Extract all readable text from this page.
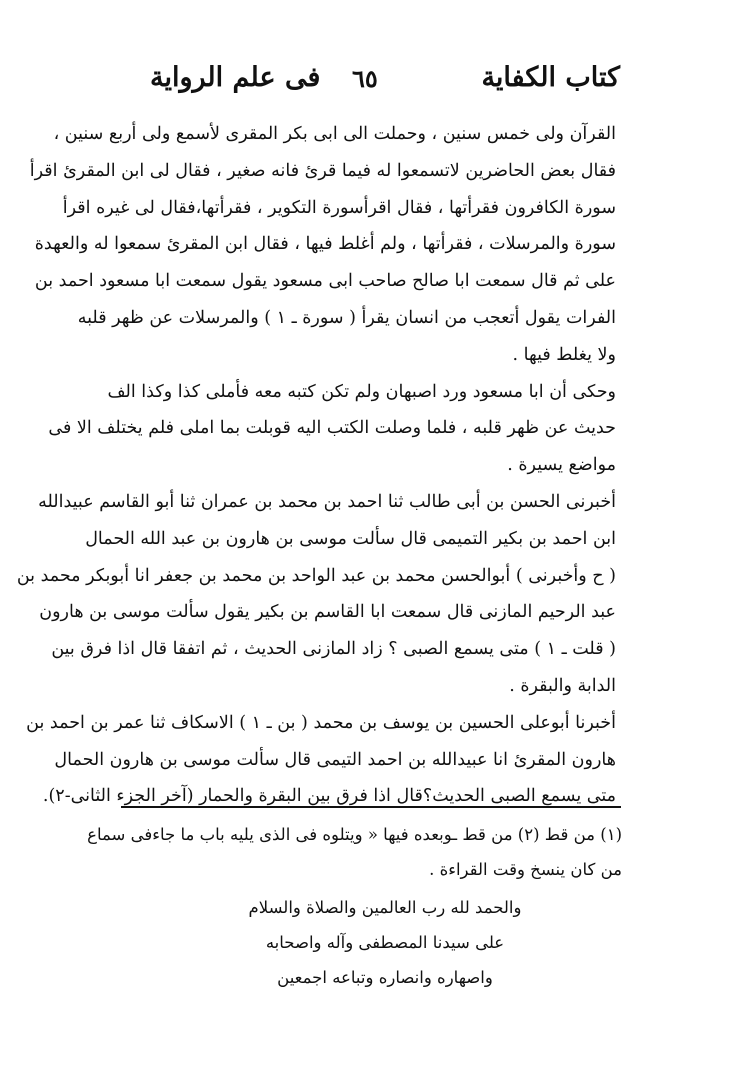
كتاب الكفاية
٦٥
فى علم الرواية
القرآن ولى خمس سنين ، وحملت الى ابى بكر المقرى لأسمع ولى أربع سنين ،
فقال بعض الحاضرين لاتسمعوا له فيما قرئ فانه صغير ، فقال لى ابن المقرئ اقرأ
سورة الكافرون فقرأتها ، فقال اقرأسورة التكوير ، فقرأتها،فقال لى غيره اقرأ
سورة والمرسلات ، فقرأتها ، ولم أغلط فيها ، فقال ابن المقرئ سمعوا له والعهدة
على ثم قال سمعت ابا صالح صاحب ابى مسعود يقول سمعت ابا مسعود احمد بن
الفرات يقول أتعجب من انسان يقرأ ( سورة ـ ١ ) والمرسلات عن ظهر قلبه
ولا يغلط فيها .
وحكى أن ابا مسعود ورد اصبهان ولم تكن كتبه معه فأملى كذا وكذا الف
حديث عن ظهر قلبه ، فلما وصلت الكتب اليه قوبلت بما املى فلم يختلف الا فى
مواضع يسيرة .
أخبرنى الحسن بن أبى طالب ثنا احمد بن محمد بن عمران ثنا أبو القاسم عبيدالله
ابن احمد بن بكير التميمى قال سألت موسى بن هارون بن عبد الله الحمال
( ح وأخبرنى ) أبوالحسن محمد بن عبد الواحد بن محمد بن جعفر انا أبوبكر محمد بن
عبد الرحيم المازنى قال سمعت ابا القاسم بن بكير يقول سألت موسى بن هارون
( قلت ـ ١ ) متى يسمع الصبى ؟ زاد المازنى الحديث ، ثم اتفقا قال اذا فرق بين
الدابة والبقرة .
أخبرنا أبوعلى الحسين بن يوسف بن محمد ( بن ـ ١ ) الاسكاف ثنا عمر بن احمد بن
هارون المقرئ انا عبيدالله بن احمد التيمى قال سألت موسى بن هارون الحمال
متى يسمع الصبى الحديث؟قال اذا فرق بين البقرة والحمار (آخر الجزء الثانى-٢).
(١) من قط (٢) من قط ـوبعده فيها « ويتلوه فى الذى يليه باب ما جاءفى سماع
من كان ينسخ وقت القراءة .
والحمد لله رب العالمين والصلاة والسلام
على سيدنا المصطفى وآله واصحابه
واصهاره وانصاره وتباعه اجمعين
